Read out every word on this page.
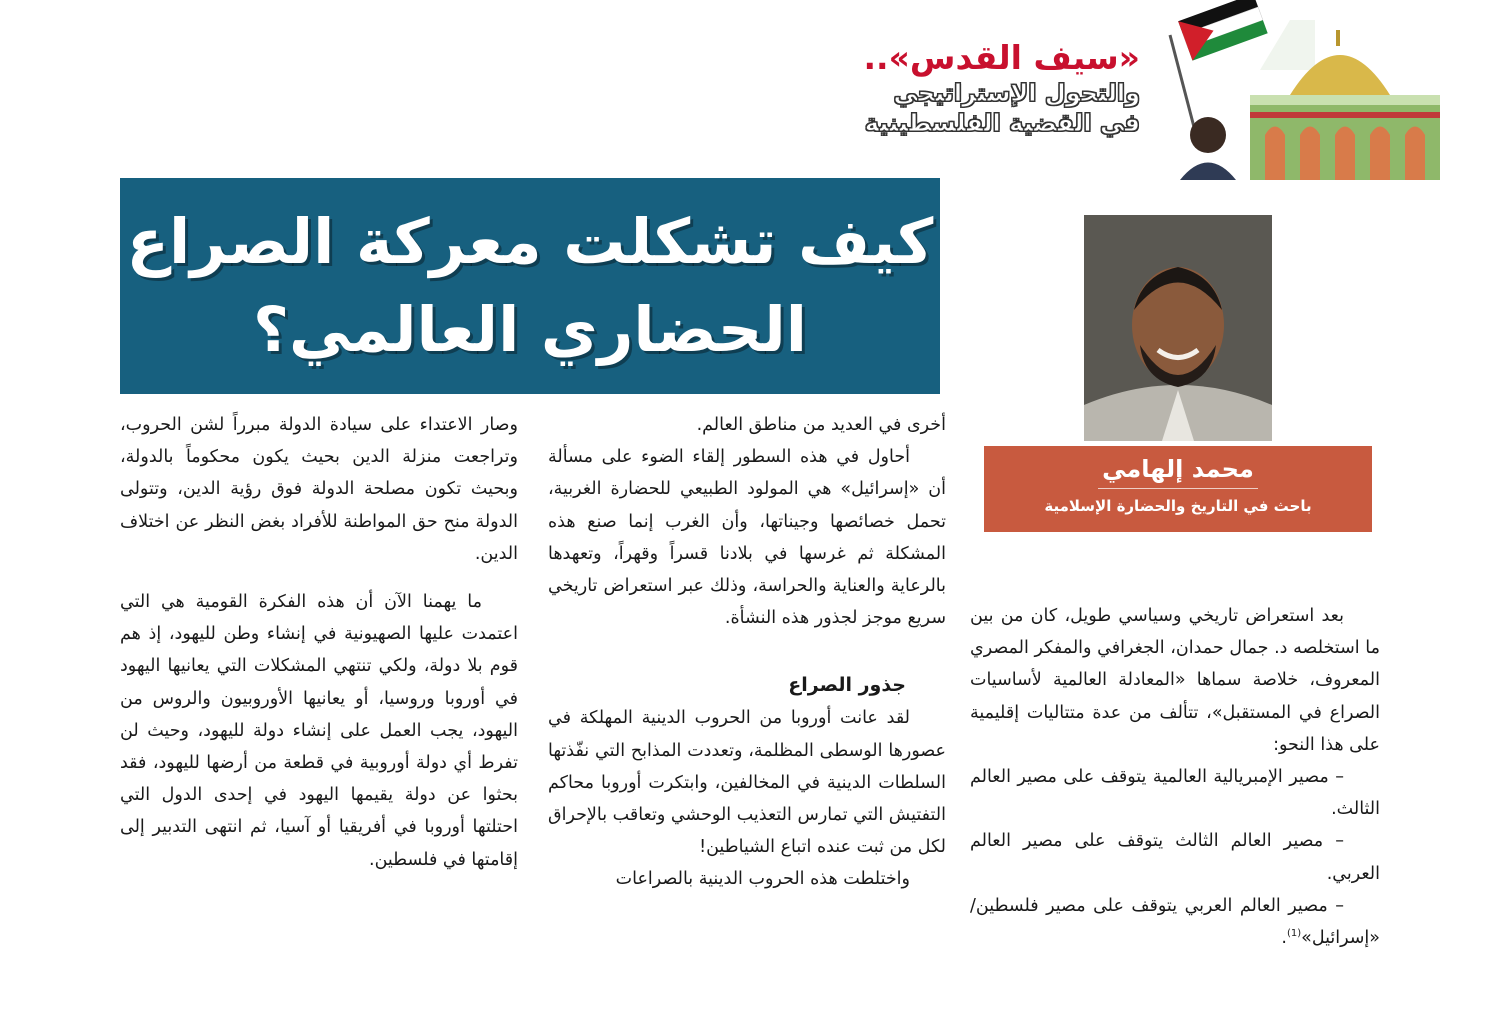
«سيف القدس»..
والتحول الإستراتيجي
في القضية الفلسطينية
كيف تشكلت معركة الصراع
الحضاري العالمي؟
محمد إلهامي
باحث في التاريخ والحضارة الإسلامية

بعد استعراض تاريخي وسياسي طويل، كان من بين ما استخلصه د. جمال حمدان، الجغرافي والمفكر المصري المعروف، خلاصة سماها «المعادلة العالمية لأساسيات الصراع في المستقبل»، تتألف من عدة متتاليات إقليمية على هذا النحو:

– مصير الإمبريالية العالمية يتوقف على مصير العالم الثالث.

– مصير العالم الثالث يتوقف على مصير العالم العربي.

– مصير العالم العربي يتوقف على مصير فلسطين/ «إسرائيل»$^{(1)}$.

أخرى في العديد من مناطق العالم.

أحاول في هذه السطور إلقاء الضوء على مسألة أن «إسرائيل» هي المولود الطبيعي للحضارة الغربية، تحمل خصائصها وجيناتها، وأن الغرب إنما صنع هذه المشكلة ثم غرسها في بلادنا قسراً وقهراً، وتعهدها بالرعاية والعناية والحراسة، وذلك عبر استعراض تاريخي سريع موجز لجذور هذه النشأة.

جذور الصراع

لقد عانت أوروبا من الحروب الدينية المهلكة في عصورها الوسطى المظلمة، وتعددت المذابح التي نفّذتها السلطات الدينية في المخالفين، وابتكرت أوروبا محاكم التفتيش التي تمارس التعذيب الوحشي وتعاقب بالإحراق لكل من ثبت عنده اتباع الشياطين!

واختلطت هذه الحروب الدينية بالصراعات

وصار الاعتداء على سيادة الدولة مبرراً لشن الحروب، وتراجعت منزلة الدين بحيث يكون محكوماً بالدولة، وبحيث تكون مصلحة الدولة فوق رؤية الدين، وتتولى الدولة منح حق المواطنة للأفراد بغض النظر عن اختلاف الدين.

ما يهمنا الآن أن هذه الفكرة القومية هي التي اعتمدت عليها الصهيونية في إنشاء وطن لليهود، إذ هم قوم بلا دولة، ولكي تنتهي المشكلات التي يعانيها اليهود في أوروبا وروسيا، أو يعانيها الأوروبيون والروس من اليهود، يجب العمل على إنشاء دولة لليهود، وحيث لن تفرط أي دولة أوروبية في قطعة من أرضها لليهود، فقد بحثوا عن دولة يقيمها اليهود في إحدى الدول التي احتلتها أوروبا في أفريقيا أو آسيا، ثم انتهى التدبير إلى إقامتها في فلسطين.
